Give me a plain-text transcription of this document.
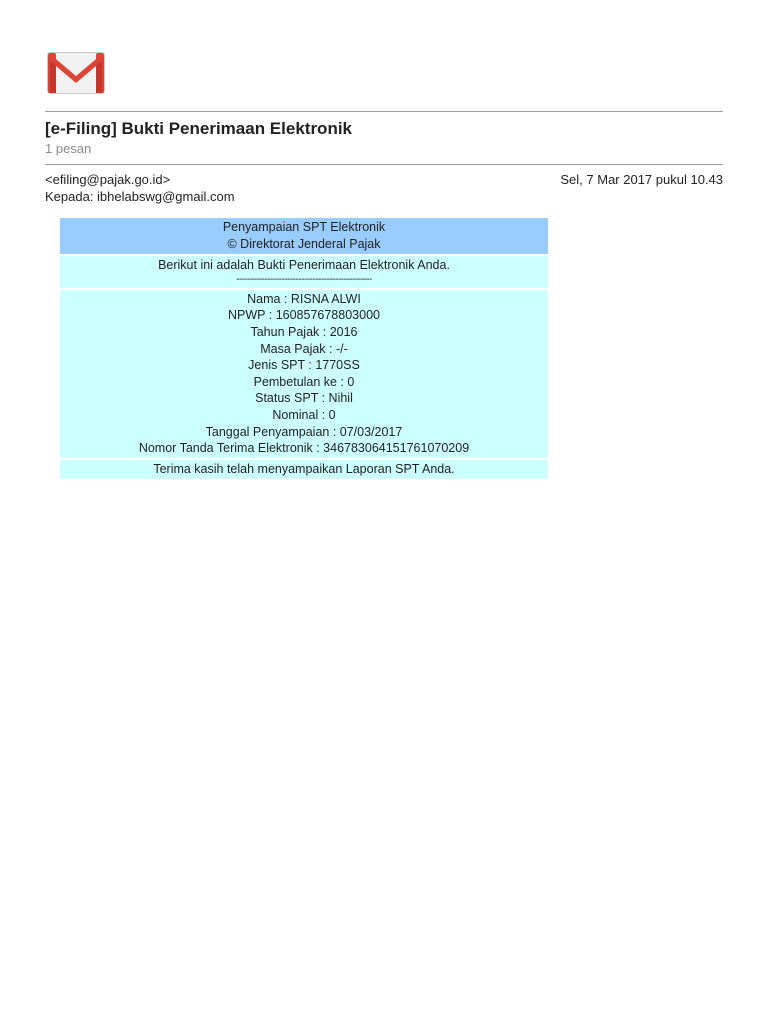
[e-Filing] Bukti Penerimaan Elektronik
1 pesan
<efiling@pajak.go.id>	Sel, 7 Mar 2017 pukul 10.43
Kepada: ibhelabswg@gmail.com
Penyampaian SPT Elektronik
© Direktorat Jenderal Pajak
Berikut ini adalah Bukti Penerimaan Elektronik Anda.
------------------------------------------------
Nama : RISNA ALWI
NPWP : 160857678803000
Tahun Pajak : 2016
Masa Pajak : -/-
Jenis SPT : 1770SS
Pembetulan ke : 0
Status SPT : Nihil
Nominal : 0
Tanggal Penyampaian : 07/03/2017
Nomor Tanda Terima Elektronik : 346783064151761070209
Terima kasih telah menyampaikan Laporan SPT Anda.
